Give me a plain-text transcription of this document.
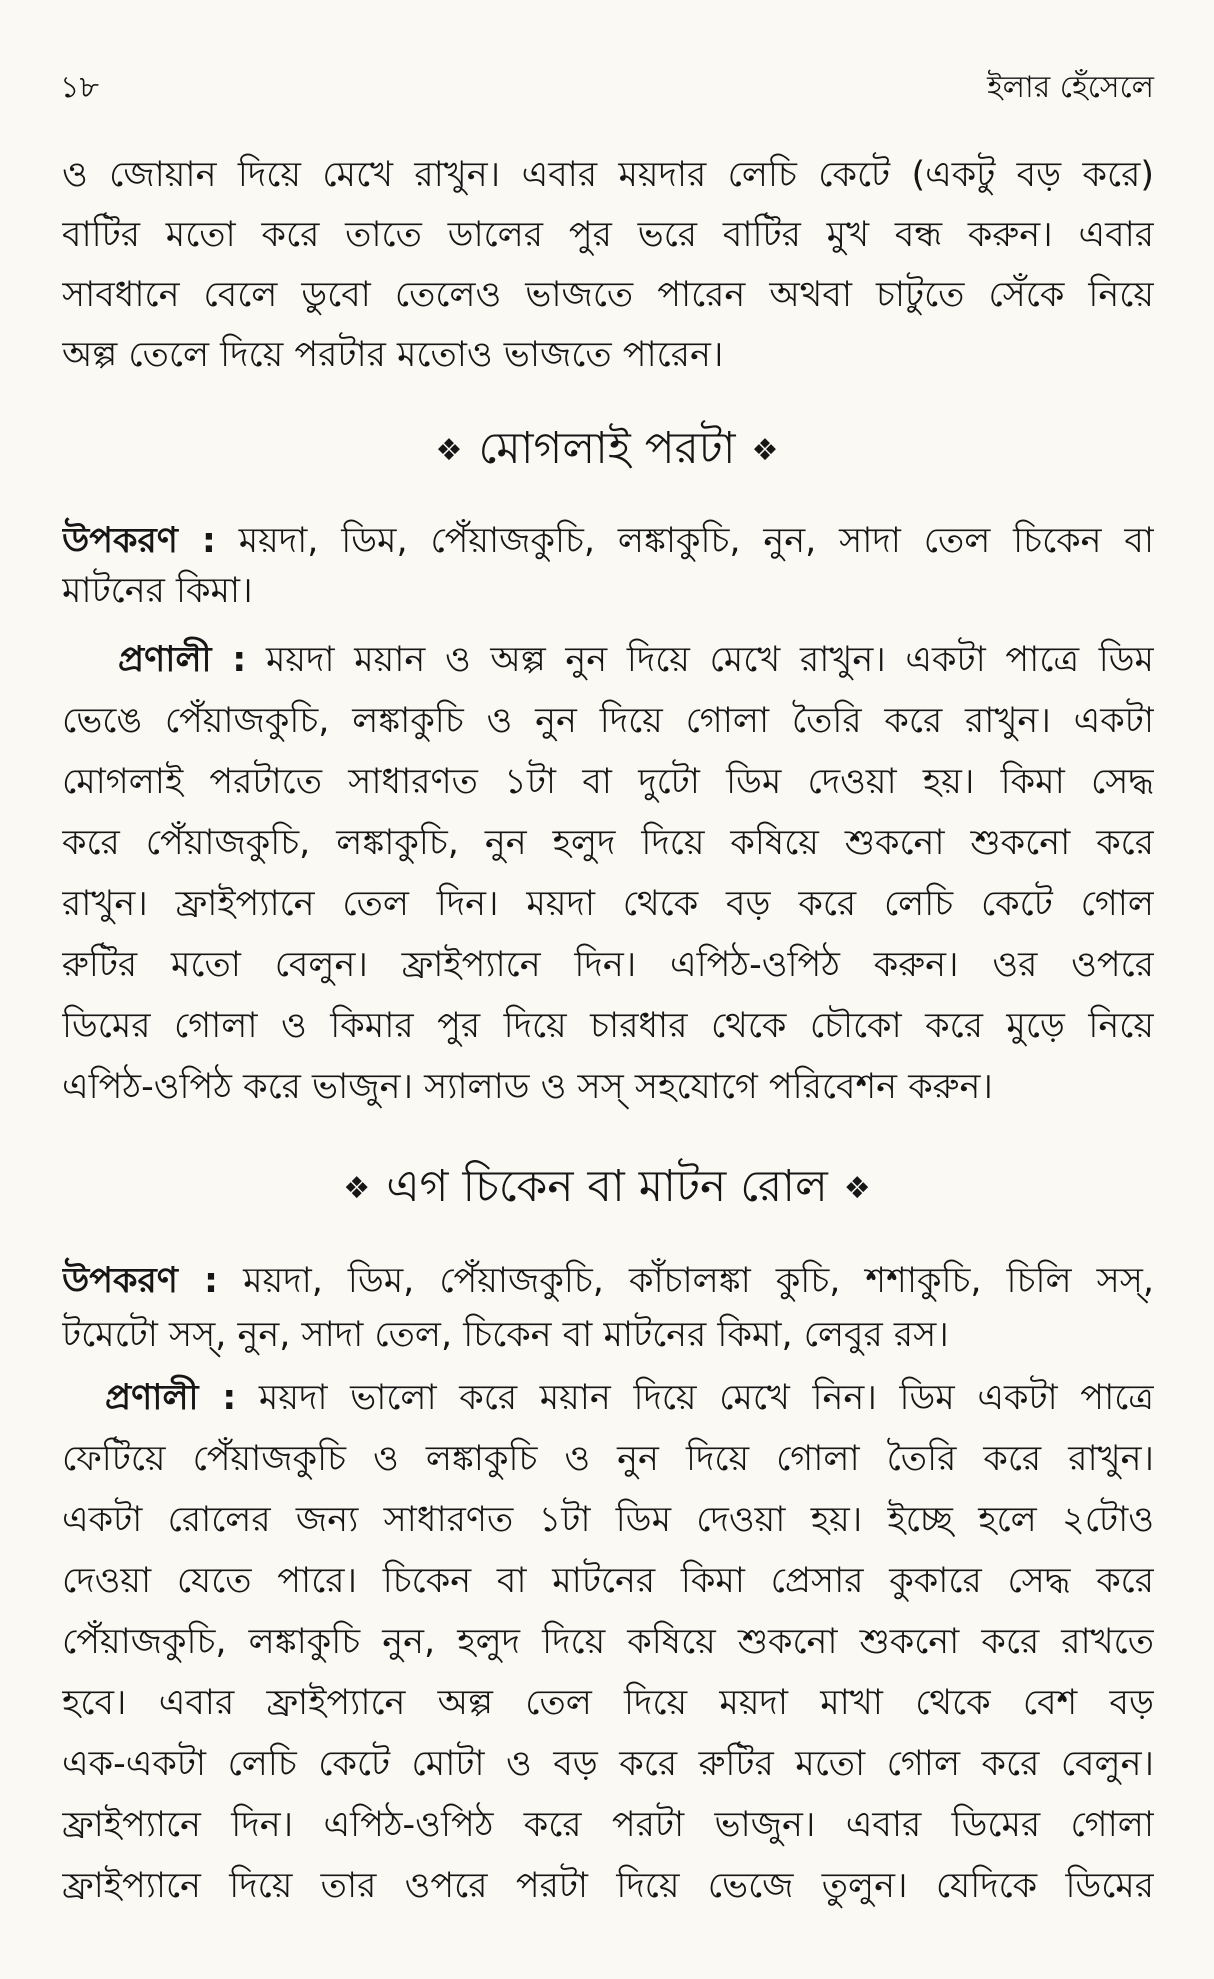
১৮	ইলার হেঁসেলে
ও জোয়ান দিয়ে মেখে রাখুন। এবার ময়দার লেচি কেটে (একটু বড় করে)
বাটির মতো করে তাতে ডালের পুর ভরে বাটির মুখ বন্ধ করুন। এবার
সাবধানে বেলে ডুবো তেলেও ভাজতে পারেন অথবা চাটুতে সেঁকে নিয়ে
অল্প তেলে দিয়ে পরটার মতোও ভাজতে পারেন।
❖ মোগলাই পরটা ❖
উপকরণ : ময়দা, ডিম, পেঁয়াজকুচি, লঙ্কাকুচি, নুন, সাদা তেল চিকেন বা
মাটনের কিমা।
প্রণালী : ময়দা ময়ান ও অল্প নুন দিয়ে মেখে রাখুন। একটা পাত্রে ডিম
ভেঙে পেঁয়াজকুচি, লঙ্কাকুচি ও নুন দিয়ে গোলা তৈরি করে রাখুন। একটা
মোগলাই পরটাতে সাধারণত ১টা বা দুটো ডিম দেওয়া হয়। কিমা সেদ্ধ
করে পেঁয়াজকুচি, লঙ্কাকুচি, নুন হলুদ দিয়ে কষিয়ে শুকনো শুকনো করে
রাখুন। ফ্রাইপ্যানে তেল দিন। ময়দা থেকে বড় করে লেচি কেটে গোল
রুটির মতো বেলুন। ফ্রাইপ্যানে দিন। এপিঠ-ওপিঠ করুন। ওর ওপরে
ডিমের গোলা ও কিমার পুর দিয়ে চারধার থেকে চৌকো করে মুড়ে নিয়ে
এপিঠ-ওপিঠ করে ভাজুন। স্যালাড ও সস্ সহযোগে পরিবেশন করুন।
❖ এগ চিকেন বা মাটন রোল ❖
উপকরণ : ময়দা, ডিম, পেঁয়াজকুচি, কাঁচালঙ্কা কুচি, শশাকুচি, চিলি সস্,
টমেটো সস্, নুন, সাদা তেল, চিকেন বা মাটনের কিমা, লেবুর রস।
প্রণালী : ময়দা ভালো করে ময়ান দিয়ে মেখে নিন। ডিম একটা পাত্রে
ফেটিয়ে পেঁয়াজকুচি ও লঙ্কাকুচি ও নুন দিয়ে গোলা তৈরি করে রাখুন।
একটা রোলের জন্য সাধারণত ১টা ডিম দেওয়া হয়। ইচ্ছে হলে ২টোও
দেওয়া যেতে পারে। চিকেন বা মাটনের কিমা প্রেসার কুকারে সেদ্ধ করে
পেঁয়াজকুচি, লঙ্কাকুচি নুন, হলুদ দিয়ে কষিয়ে শুকনো শুকনো করে রাখতে
হবে। এবার ফ্রাইপ্যানে অল্প তেল দিয়ে ময়দা মাখা থেকে বেশ বড়
এক-একটা লেচি কেটে মোটা ও বড় করে রুটির মতো গোল করে বেলুন।
ফ্রাইপ্যানে দিন। এপিঠ-ওপিঠ করে পরটা ভাজুন। এবার ডিমের গোলা
ফ্রাইপ্যানে দিয়ে তার ওপরে পরটা দিয়ে ভেজে তুলুন। যেদিকে ডিমের
